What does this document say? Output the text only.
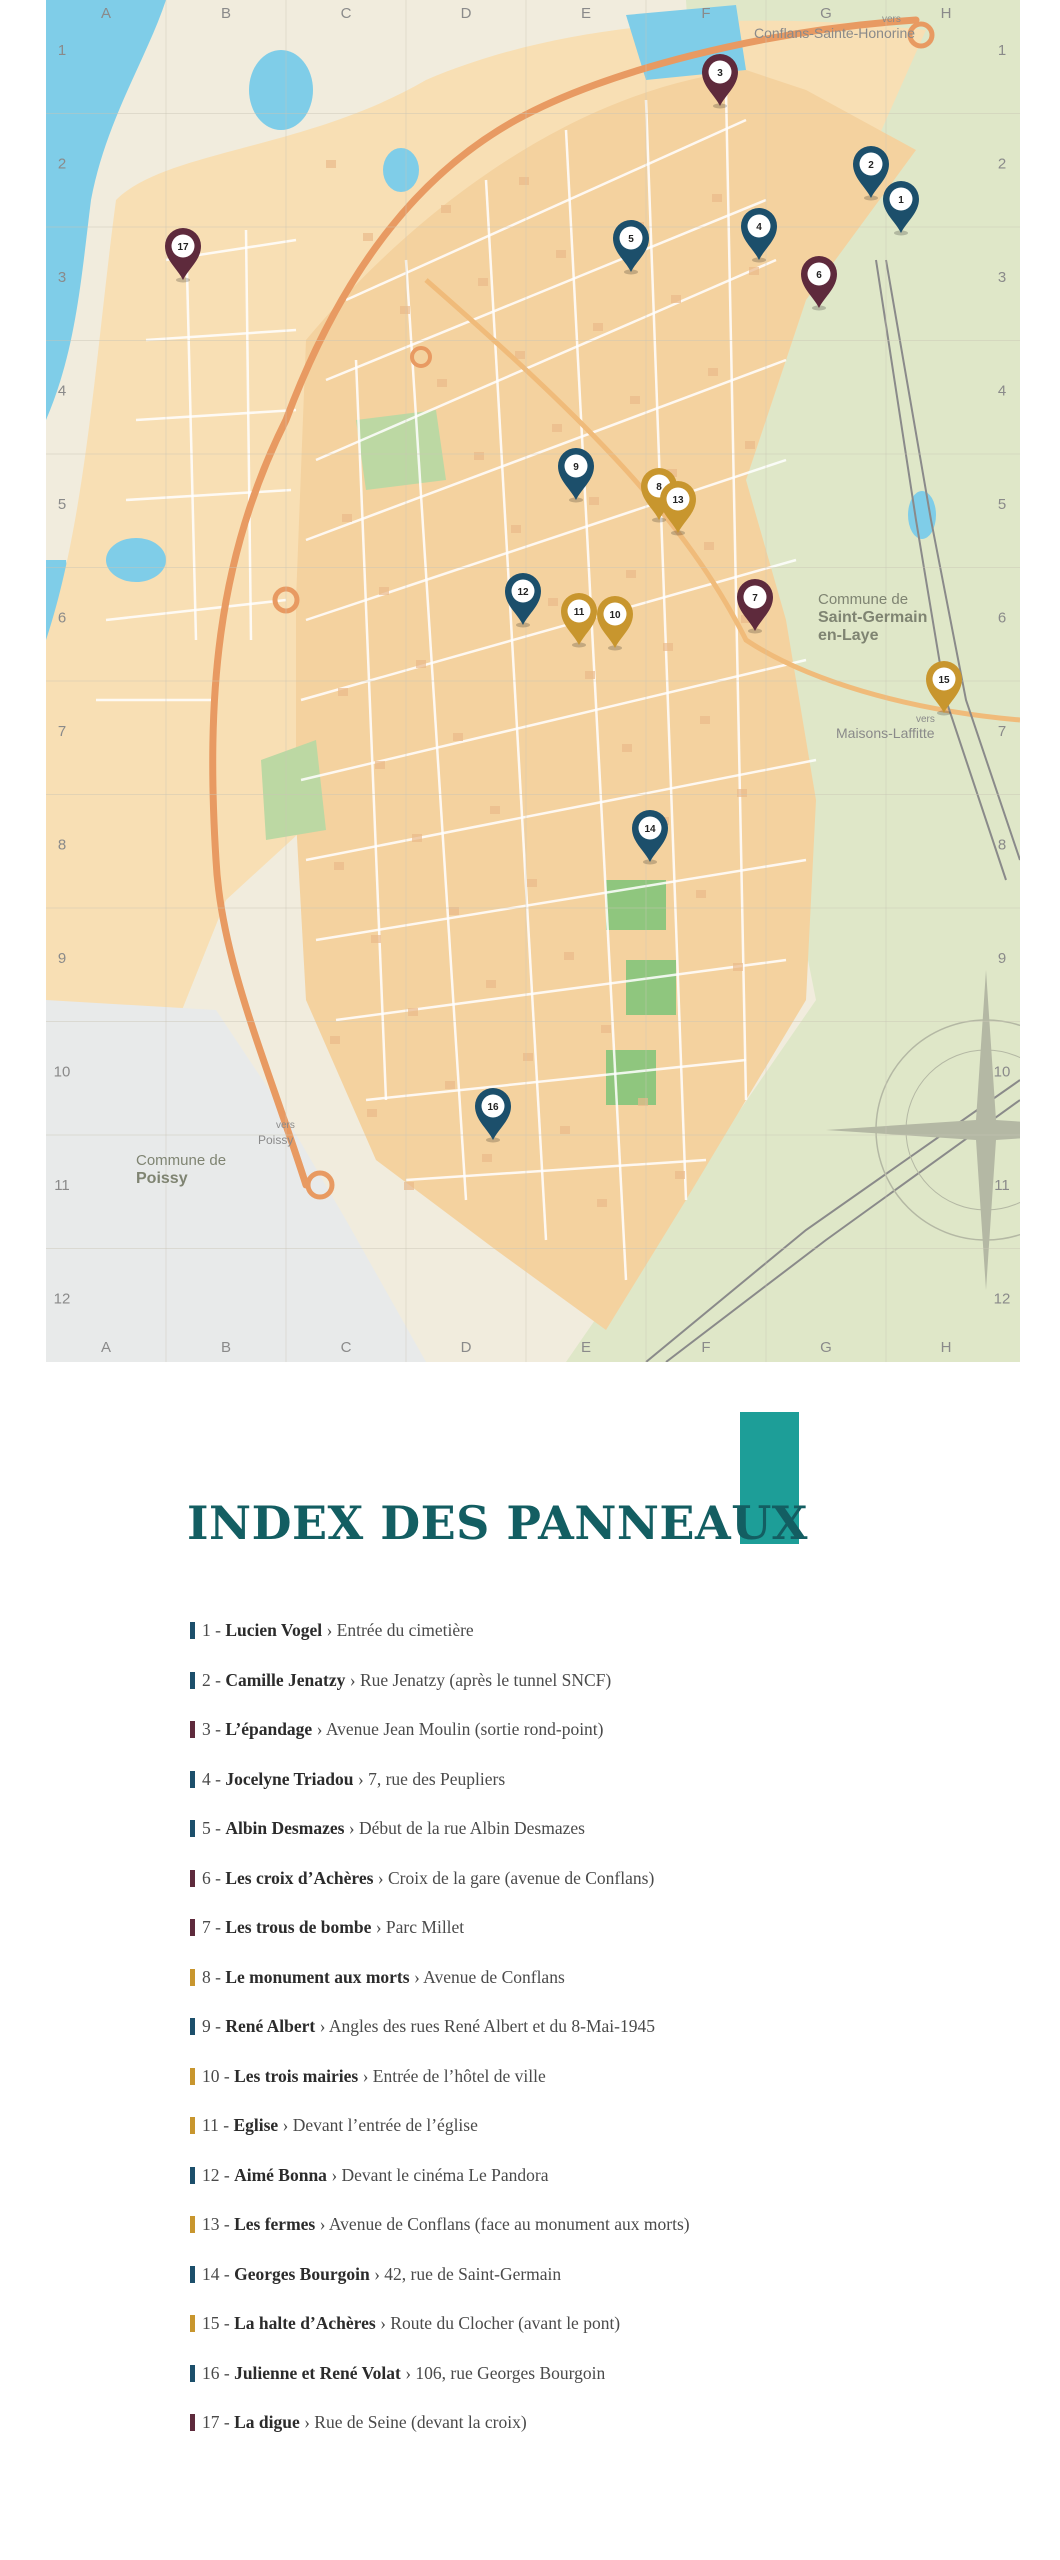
A
A
B
B
C
C
D
D
E
E
F
F
G
G
H
H
1	1
2	2
3	3
4	4
5	5
6	6
7	7
8	8
9	9
10	10
11	11
12	12
Conflans-Sainte-Honorine
vers
Commune de
Saint-Germain
en-Laye
vers
Maisons-Laffitte
Commune de
Poissy
vers
Poissy
1
2
3
4
5
6
7
8
9
10
11
12
13
14
15
16
17
INDEX DES PANNEAUX
1 - Lucien Vogel › Entrée du cimetière
2 - Camille Jenatzy › Rue Jenatzy (après le tunnel SNCF)
3 - L’épandage › Avenue Jean Moulin (sortie rond-point)
4 - Jocelyne Triadou › 7, rue des Peupliers
5 - Albin Desmazes › Début de la rue Albin Desmazes
6 - Les croix d’Achères › Croix de la gare (avenue de Conflans)
7 - Les trous de bombe › Parc Millet
8 - Le monument aux morts › Avenue de Conflans
9 - René Albert › Angles des rues René Albert et du 8-Mai-1945
10 - Les trois mairies › Entrée de l’hôtel de ville
11 - Eglise › Devant l’entrée de l’église
12 - Aimé Bonna › Devant le cinéma Le Pandora
13 - Les fermes › Avenue de Conflans (face au monument aux morts)
14 - Georges Bourgoin › 42, rue de Saint-Germain
15 - La halte d’Achères › Route du Clocher (avant le pont)
16 - Julienne et René Volat › 106, rue Georges Bourgoin
17 - La digue › Rue de Seine (devant la croix)
